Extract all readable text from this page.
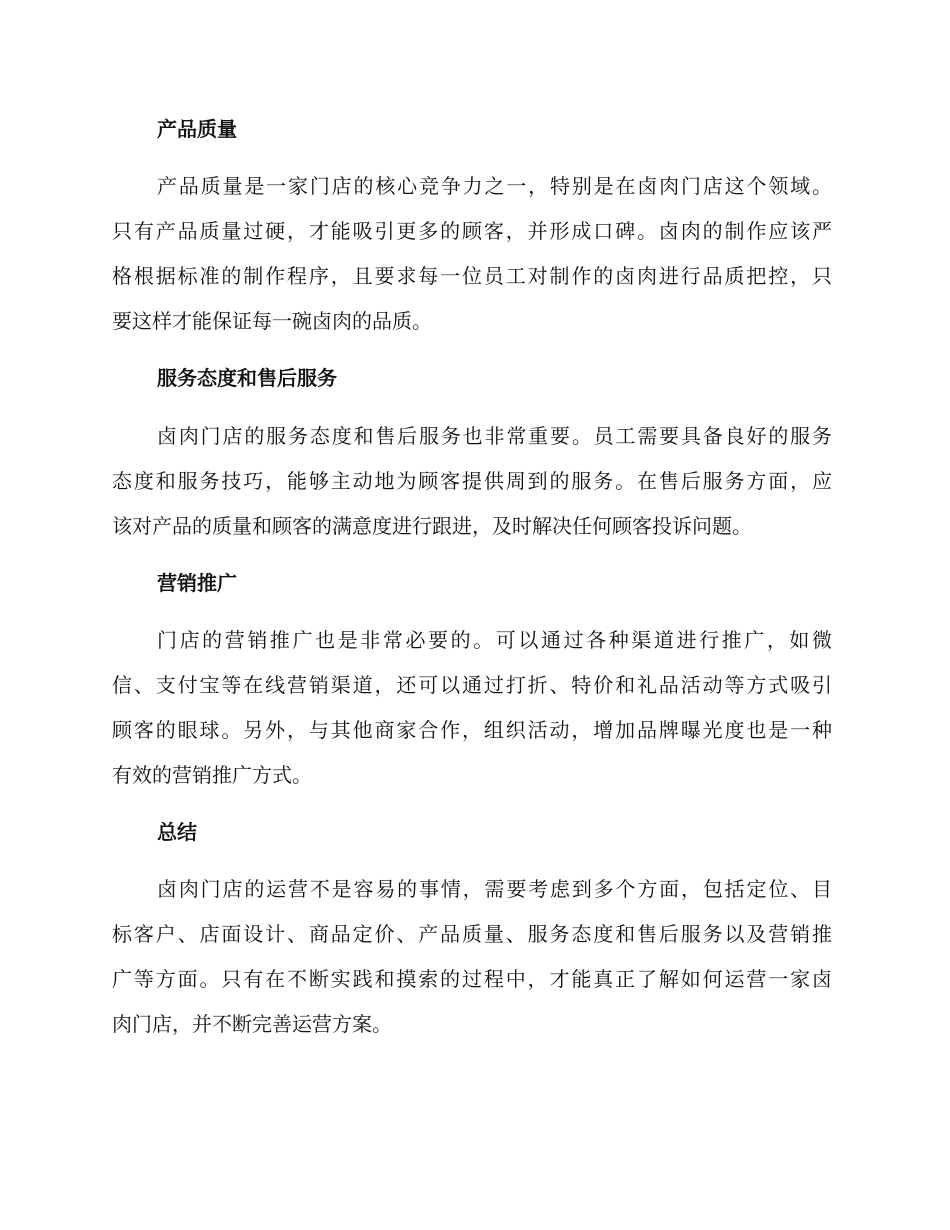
产品质量
产品质量是一家门店的核心竞争力之一，特别是在卤肉门店这个领域。
只有产品质量过硬，才能吸引更多的顾客，并形成口碑。卤肉的制作应该严
格根据标准的制作程序，且要求每一位员工对制作的卤肉进行品质把控，只
要这样才能保证每一碗卤肉的品质。
服务态度和售后服务
卤肉门店的服务态度和售后服务也非常重要。员工需要具备良好的服务
态度和服务技巧，能够主动地为顾客提供周到的服务。在售后服务方面，应
该对产品的质量和顾客的满意度进行跟进，及时解决任何顾客投诉问题。
营销推广
门店的营销推广也是非常必要的。可以通过各种渠道进行推广，如微
信、支付宝等在线营销渠道，还可以通过打折、特价和礼品活动等方式吸引
顾客的眼球。另外，与其他商家合作，组织活动，增加品牌曝光度也是一种
有效的营销推广方式。
总结
卤肉门店的运营不是容易的事情，需要考虑到多个方面，包括定位、目
标客户、店面设计、商品定价、产品质量、服务态度和售后服务以及营销推
广等方面。只有在不断实践和摸索的过程中，才能真正了解如何运营一家卤
肉门店，并不断完善运营方案。
